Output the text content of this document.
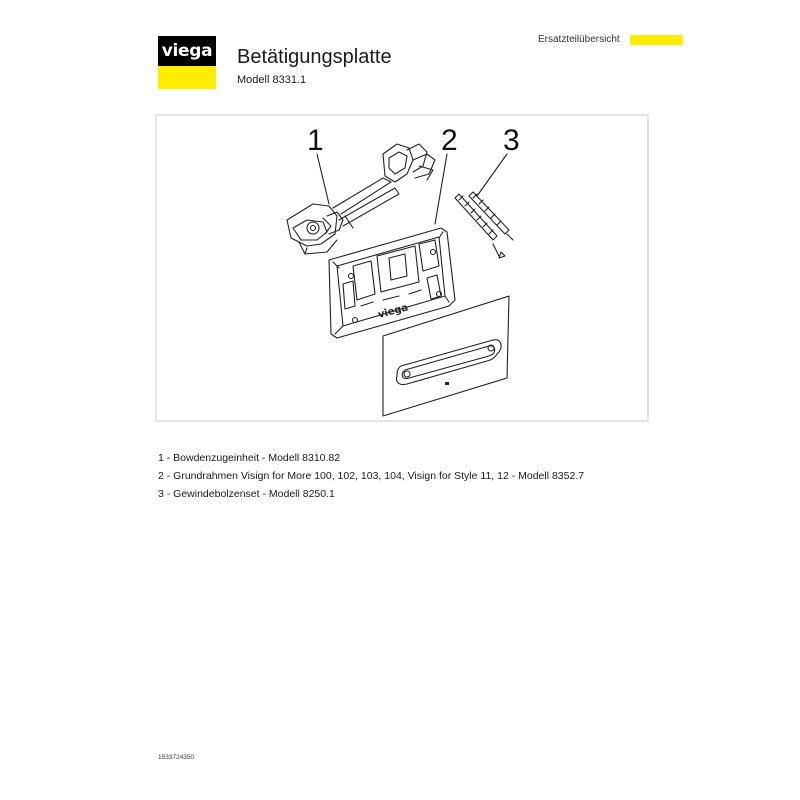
viega Betätigungsplatte
Modell 8331.1
Ersatzteilübersicht
1	2 3
viega
1 - Bowdenzugeinheit - Modell 8310.82
2 - Grundrahmen Visign for More 100, 102, 103, 104, Visign for Style 11, 12 - Modell 8352.7
3 - Gewindebolzenset - Modell 8250.1
1533724350
